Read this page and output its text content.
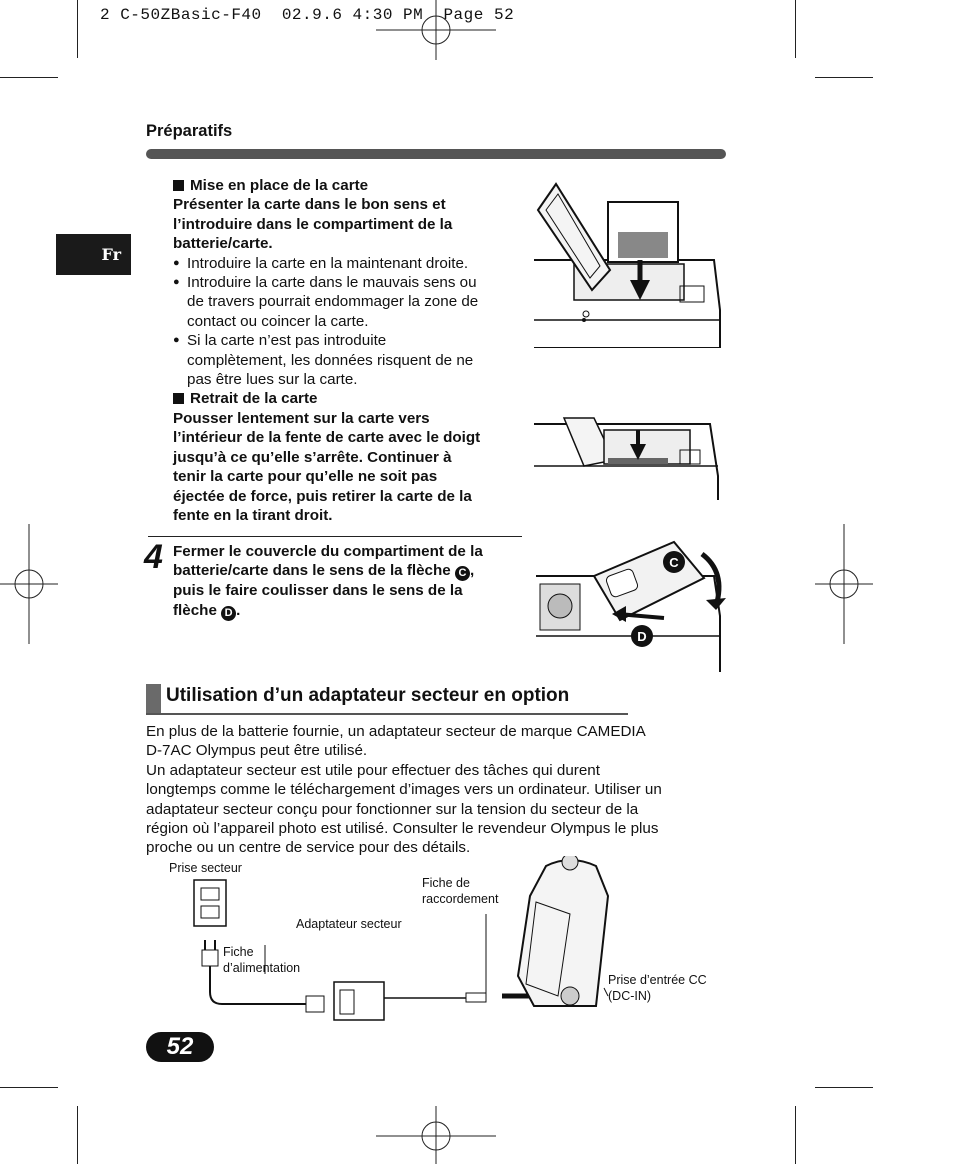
2 C-50ZBasic-F40  02.9.6 4:30 PM  Page 52
Préparatifs
Fr
Mise en place de la carte
Présenter la carte dans le bon sens et
l’introduire dans le compartiment de la
batterie/carte.
● Introduire la carte en la maintenant droite.
● Introduire la carte dans le mauvais sens ou
de travers pourrait endommager la zone de
contact ou coincer la carte.
● Si la carte n’est pas introduite
complètement, les données risquent de ne
pas être lues sur la carte.
Retrait de la carte
Pousser lentement sur la carte vers
l’intérieur de la fente de carte avec le doigt
jusqu’à ce qu’elle s’arrête. Continuer à
tenir la carte pour qu’elle ne soit pas
éjectée de force, puis retirer la carte de la
fente en la tirant droit.
4 Fermer le couvercle du compartiment de la
batterie/carte dans le sens de la flèche C ,
puis le faire coulisser dans le sens de la
flèche D .
C
D
Utilisation d’un adaptateur secteur en option
En plus de la batterie fournie, un adaptateur secteur de marque CAMEDIA
D-7AC Olympus peut être utilisé.
Un adaptateur secteur est utile pour effectuer des tâches qui durent
longtemps comme le téléchargement d’images vers un ordinateur. Utiliser un
adaptateur secteur conçu pour fonctionner sur la tension du secteur de la
région où l’appareil photo est utilisé. Consulter le revendeur Olympus le plus
proche ou un centre de service pour des détails.
Prise secteur
Fiche
d’alimentation
Adaptateur secteur
Fiche de
raccordement
Prise d’entrée CC
(DC-IN)
52
